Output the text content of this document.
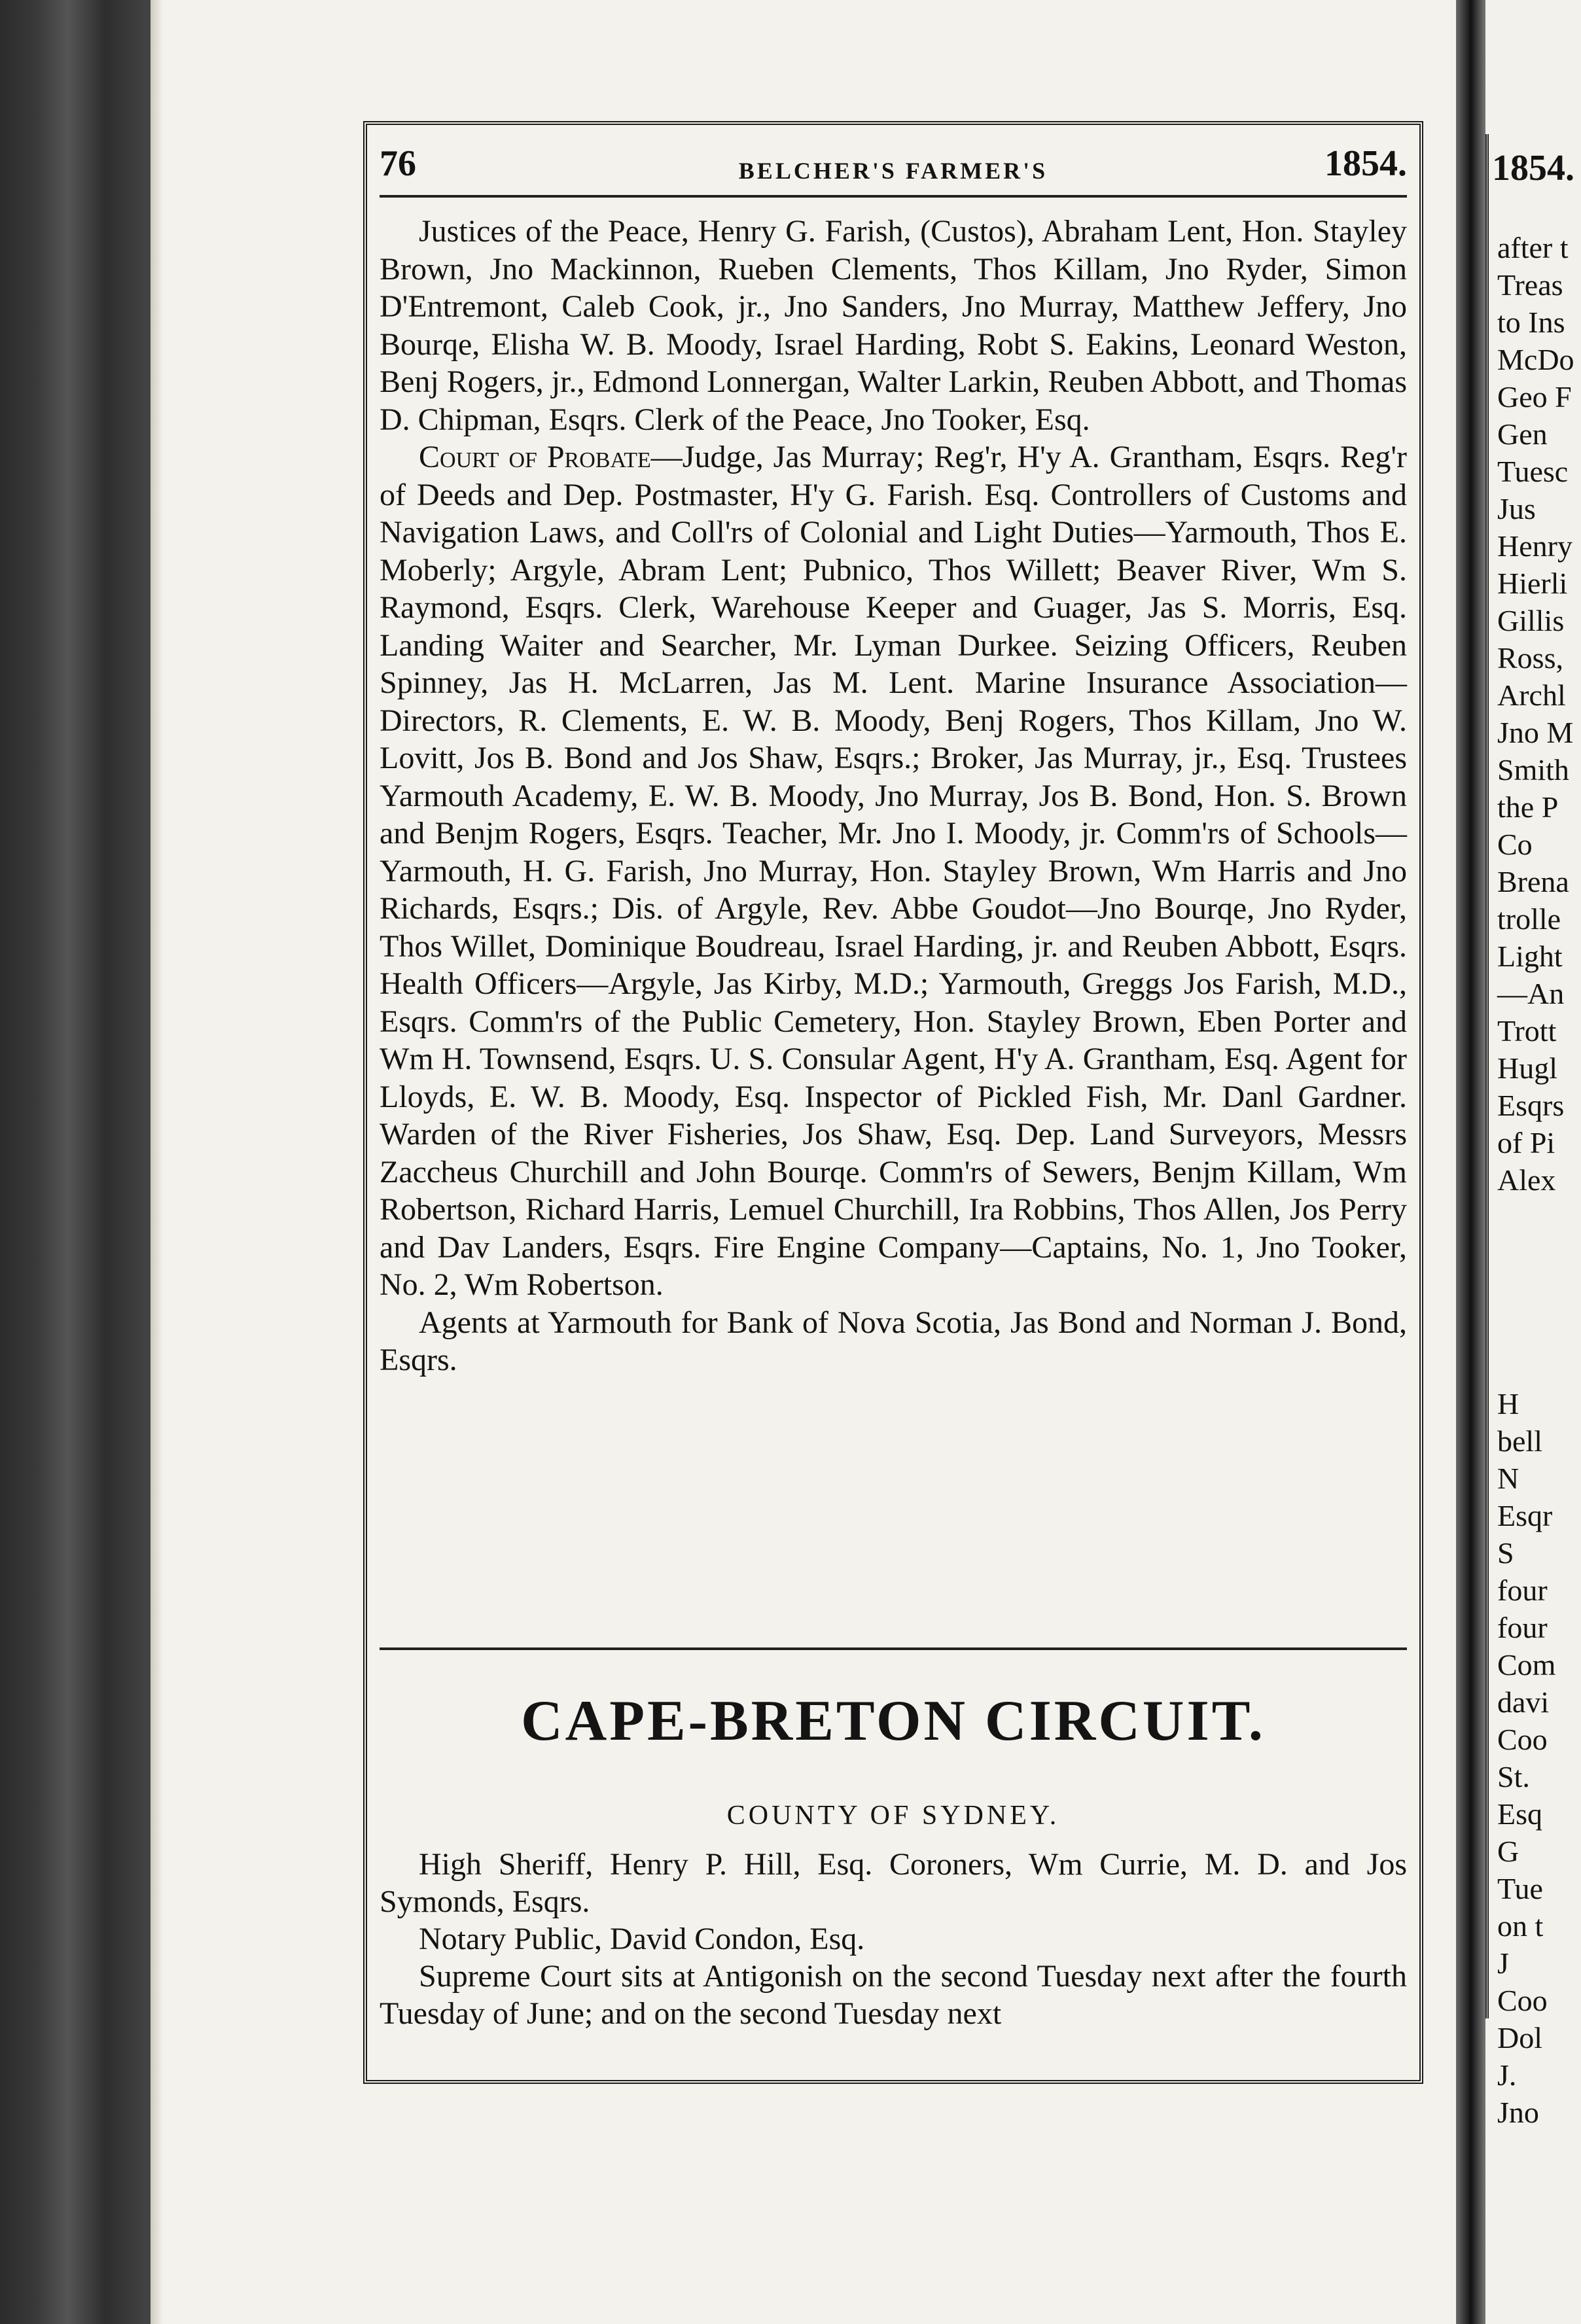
76	BELCHER'S FARMER'S	1854.

Justices of the Peace, Henry G. Farish, (Custos), Abraham Lent, Hon. Stayley Brown, Jno Mackinnon, Rueben Clements, Thos Killam, Jno Ryder, Simon D'Entremont, Caleb Cook, jr., Jno Sanders, Jno Murray, Matthew Jeffery, Jno Bourqe, Elisha W. B. Moody, Israel Harding, Robt S. Eakins, Leonard Weston, Benj Rogers, jr., Edmond Lonnergan, Walter Larkin, Reuben Abbott, and Thomas D. Chipman, Esqrs. Clerk of the Peace, Jno Tooker, Esq.

Court of Probate—Judge, Jas Murray; Reg'r, H'y A. Grantham, Esqrs. Reg'r of Deeds and Dep. Postmaster, H'y G. Farish. Esq. Controllers of Customs and Navigation Laws, and Coll'rs of Colonial and Light Duties—Yarmouth, Thos E. Moberly; Argyle, Abram Lent; Pubnico, Thos Willett; Beaver River, Wm S. Raymond, Esqrs. Clerk, Warehouse Keeper and Guager, Jas S. Morris, Esq. Landing Waiter and Searcher, Mr. Lyman Durkee. Seizing Officers, Reuben Spinney, Jas H. McLarren, Jas M. Lent. Marine Insurance Association—Directors, R. Clements, E. W. B. Moody, Benj Rogers, Thos Killam, Jno W. Lovitt, Jos B. Bond and Jos Shaw, Esqrs.; Broker, Jas Murray, jr., Esq. Trustees Yarmouth Academy, E. W. B. Moody, Jno Murray, Jos B. Bond, Hon. S. Brown and Benjm Rogers, Esqrs. Teacher, Mr. Jno I. Moody, jr. Comm'rs of Schools—Yarmouth, H. G. Farish, Jno Murray, Hon. Stayley Brown, Wm Harris and Jno Richards, Esqrs.; Dis. of Argyle, Rev. Abbe Goudot—Jno Bourqe, Jno Ryder, Thos Willet, Dominique Boudreau, Israel Harding, jr. and Reuben Abbott, Esqrs. Health Officers—Argyle, Jas Kirby, M.D.; Yarmouth, Greggs Jos Farish, M.D., Esqrs. Comm'rs of the Public Cemetery, Hon. Stayley Brown, Eben Porter and Wm H. Townsend, Esqrs. U. S. Consular Agent, H'y A. Grantham, Esq. Agent for Lloyds, E. W. B. Moody, Esq. Inspector of Pickled Fish, Mr. Danl Gardner. Warden of the River Fisheries, Jos Shaw, Esq. Dep. Land Surveyors, Messrs Zaccheus Churchill and John Bourqe. Comm'rs of Sewers, Benjm Killam, Wm Robertson, Richard Harris, Lemuel Churchill, Ira Robbins, Thos Allen, Jos Perry and Dav Landers, Esqrs. Fire Engine Company—Captains, No. 1, Jno Tooker, No. 2, Wm Robertson.

Agents at Yarmouth for Bank of Nova Scotia, Jas Bond and Norman J. Bond, Esqrs.

CAPE-BRETON CIRCUIT.
COUNTY OF SYDNEY.

High Sheriff, Henry P. Hill, Esq. Coroners, Wm Currie, M. D. and Jos Symonds, Esqrs.

Notary Public, David Condon, Esq.

Supreme Court sits at Antigonish on the second Tuesday next after the fourth Tuesday of June; and on the second Tuesday next

1854.
after t
Treas
to Ins
McDo
Geo F
Gen
Tuesc
Jus
Henry
Hierli
Gillis
Ross,
Archl
Jno M
Smith
the P
Co
Brena
trolle
Light
—An
Trott
Hugl
Esqrs
of Pi
Alex

H
bell
N
Esqr
S
four
four
Com
davi
Coo
St.
Esq
G
Tue
on t
J
Coo
Dol
J.
Jno
